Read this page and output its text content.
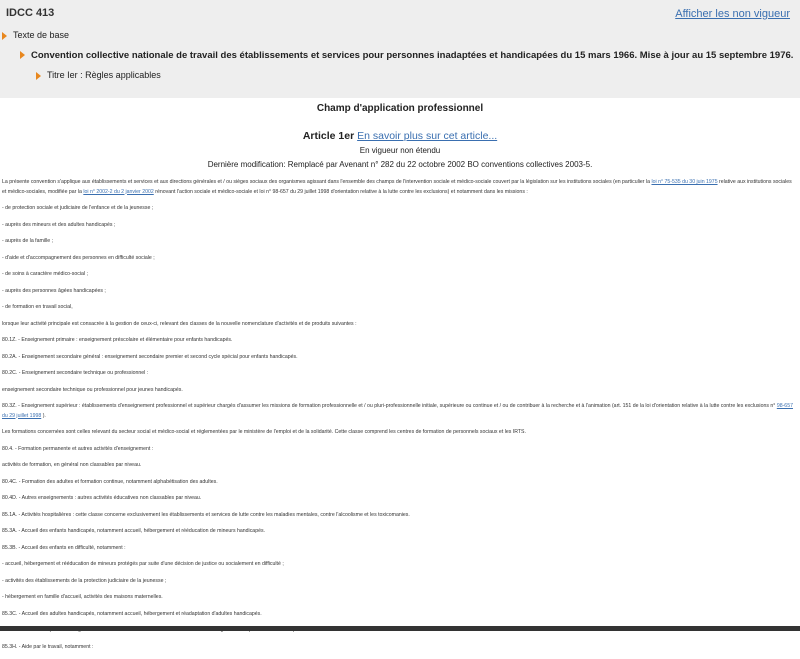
IDCC 413	Afficher les non vigueur
Texte de base
Convention collective nationale de travail des établissements et services pour personnes inadaptées et handicapées du 15 mars 1966. Mise à jour au 15 septembre 1976.
Titre Ier : Règles applicables
Champ d'application professionnel
Article 1er En savoir plus sur cet article...
En vigueur non étendu
Dernière modification: Remplacé par Avenant n° 282 du 22 octobre 2002 BO conventions collectives 2003-5.

La présente convention s'applique aux établissements et services et aux directions générales et / ou sièges sociaux des organismes agissant dans l'ensemble des champs de l'intervention sociale et médico-sociale couvert par la législation sur les institutions sociales (en particulier la loi n° 75-535 du 30 juin 1975 relative aux institutions sociales et médico-sociales, modifiée par la loi n° 2002-2 du 2 janvier 2002 rénovant l'action sociale et médico-sociale et loi n° 98-657 du 29 juillet 1998 d'orientation relative à la lutte contre les exclusions) et notamment dans les missions :

- de protection sociale et judiciaire de l'enfance et de la jeunesse ;

- auprès des mineurs et des adultes handicapés ;

- auprès de la famille ;

- d'aide et d'accompagnement des personnes en difficulté sociale ;

- de soins à caractère médico-social ;

- auprès des personnes âgées handicapées ;

- de formation en travail social,

lorsque leur activité principale est consacrée à la gestion de ceux-ci, relevant des classes de la nouvelle nomenclature d'activités et de produits suivantes :

80.1Z. - Enseignement primaire : enseignement préscolaire et élémentaire pour enfants handicapés.

80.2A. - Enseignement secondaire général : enseignement secondaire premier et second cycle spécial pour enfants handicapés.

80.2C. - Enseignement secondaire technique ou professionnel :

enseignement secondaire technique ou professionnel pour jeunes handicapés.

80.3Z. - Enseignement supérieur : établissements d'enseignement professionnel et supérieur chargés d'assumer les missions de formation professionnelle et / ou pluri-professionnelle initiale, supérieure ou continue et / ou de contribuer à la recherche et à l'animation (art. 151 de la loi d'orientation relative à la lutte contre les exclusions n° 98-657 du 29 juillet 1998 ).

Les formations concernées sont celles relevant du secteur social et médico-social et réglementées par le ministère de l'emploi et de la solidarité. Cette classe comprend les centres de formation de personnels sociaux et les IRTS.

80.4. - Formation permanente et autres activités d'enseignement :

activités de formation, en général non classables par niveau.

80.4C. - Formation des adultes et formation continue, notamment alphabétisation des adultes.

80.4D. - Autres enseignements : autres activités éducatives non classables par niveau.

85.1A. - Activités hospitalières : cette classe concerne exclusivement les établissements et services de lutte contre les maladies mentales, contre l'alcoolisme et les toxicomanies.

85.3A. - Accueil des enfants handicapés, notamment accueil, hébergement et rééducation de mineurs handicapés.

85.3B. - Accueil des enfants en difficulté, notamment :

- accueil, hébergement et rééducation de mineurs protégés par suite d'une décision de justice ou socialement en difficulté ;

- activités des établissements de la protection judiciaire de la jeunesse ;

- hébergement en famille d'accueil, activités des maisons maternelles.

85.3C. - Accueil des adultes handicapés, notamment accueil, hébergement et réadaptation d'adultes handicapés.

85.3H. - Aide par le travail, notamment :
